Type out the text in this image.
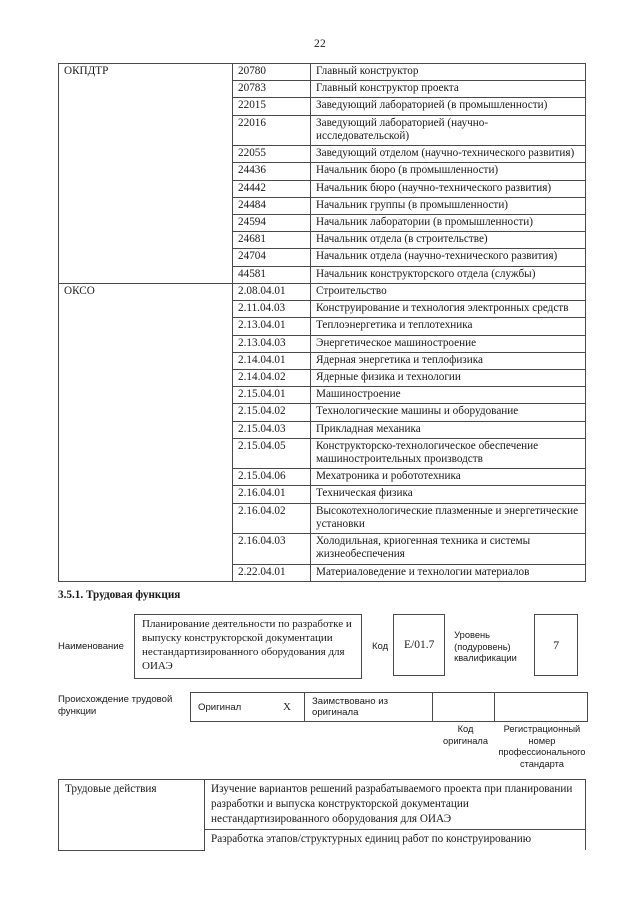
22
ОКПДТР	20780	Главный конструктор
	20783	Главный конструктор проекта
	22015	Заведующий лабораторией (в промышленности)
	22016	Заведующий лабораторией (научно-исследовательской)
	22055	Заведующий отделом (научно-технического развития)
	24436	Начальник бюро (в промышленности)
	24442	Начальник бюро (научно-технического развития)
	24484	Начальник группы (в промышленности)
	24594	Начальник лаборатории (в промышленности)
	24681	Начальник отдела (в строительстве)
	24704	Начальник отдела (научно-технического развития)
	44581	Начальник конструкторского отдела (службы)
ОКСО	2.08.04.01	Строительство
	2.11.04.03	Конструирование и технология электронных средств
	2.13.04.01	Теплоэнергетика и теплотехника
	2.13.04.03	Энергетическое машиностроение
	2.14.04.01	Ядерная энергетика и теплофизика
	2.14.04.02	Ядерные физика и технологии
	2.15.04.01	Машиностроение
	2.15.04.02	Технологические машины и оборудование
	2.15.04.03	Прикладная механика
	2.15.04.05	Конструкторско-технологическое обеспечение машиностроительных производств
	2.15.04.06	Мехатроника и робототехника
	2.16.04.01	Техническая физика
	2.16.04.02	Высокотехнологические плазменные и энергетические установки
	2.16.04.03	Холодильная, криогенная техника и системы жизнеобеспечения
	2.22.04.01	Материаловедение и технологии материалов
3.5.1. Трудовая функция
Наименование
Планирование деятельности по разработке и выпуску конструкторской документации нестандартизированного оборудования для ОИАЭ
Код	Е/01.7
Уровень (подуровень) квалификации
7
Происхождение трудовой функции	Оригинал	X	Заимствовано из оригинала
Код оригинала
Регистрационный номер профессионального стандарта
Трудовые действия	Изучение вариантов решений разрабатываемого проекта при планировании разработки и выпуска конструкторской документации нестандартизированного оборудования для ОИАЭ
Разработка этапов/структурных единиц работ по конструированию
